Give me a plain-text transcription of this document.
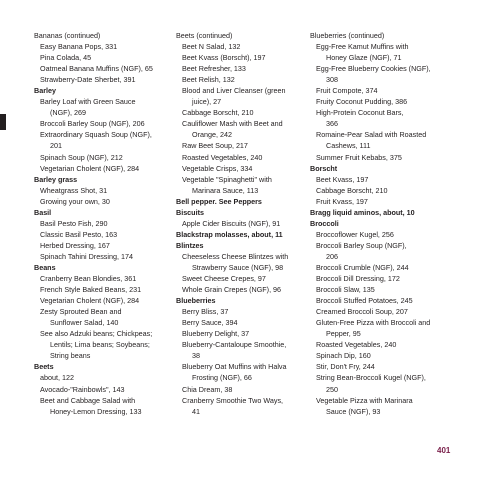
Bananas (continued)
Easy Banana Pops, 331
Pina Colada, 45
Oatmeal Banana Muffins (NGF), 65
Strawberry-Date Sherbet, 391
Barley
Barley Loaf with Green Sauce
(NGF), 269
Broccoli Barley Soup (NGF), 206
Extraordinary Squash Soup (NGF),
201
Spinach Soup (NGF), 212
Vegetarian Cholent (NGF), 284
Barley grass
Wheatgrass Shot, 31
Growing your own, 30
Basil
Basil Pesto Fish, 290
Classic Basil Pesto, 163
Herbed Dressing, 167
Spinach Tahini Dressing, 174
Beans
Cranberry Bean Blondies, 361
French Style Baked Beans, 231
Vegetarian Cholent (NGF), 284
Zesty Sprouted Bean and
Sunflower Salad, 140
See also Adzuki beans; Chickpeas;
Lentils; Lima beans; Soybeans;
String beans
Beets
about, 122
Avocado-"Rainbowls", 143
Beet and Cabbage Salad with
Honey-Lemon Dressing, 133
Beets (continued)
Beet N Salad, 132
Beet Kvass (Borscht), 197
Beet Refresher, 133
Beet Relish, 132
Blood and Liver Cleanser (green
juice), 27
Cabbage Borscht, 210
Cauliflower Mash with Beet and
Orange, 242
Raw Beet Soup, 217
Roasted Vegetables, 240
Vegetable Crisps, 334
Vegetable "Spinaghetti" with
Marinara Sauce, 113
Bell pepper. See Peppers
Biscuits
Apple Cider Biscuits (NGF), 91
Blackstrap molasses, about, 11
Blintzes
Cheeseless Cheese Blintzes with
Strawberry Sauce (NGF), 98
Sweet Cheese Crepes, 97
Whole Grain Crepes (NGF), 96
Blueberries
Berry Bliss, 37
Berry Sauce, 394
Blueberry Delight, 37
Blueberry-Cantaloupe Smoothie,
38
Blueberry Oat Muffins with Halva
Frosting (NGF), 66
Chia Dream, 38
Cranberry Smoothie Two Ways,
41
Blueberries (continued)
Egg-Free Kamut Muffins with
Honey Glaze (NGF), 71
Egg-Free Blueberry Cookies (NGF),
308
Fruit Compote, 374
Fruity Coconut Pudding, 386
High-Protein Coconut Bars,
366
Romaine-Pear Salad with Roasted
Cashews, 111
Summer Fruit Kebabs, 375
Borscht
Beet Kvass, 197
Cabbage Borscht, 210
Fruit Kvass, 197
Bragg liquid aminos, about, 10
Broccoli
Broccoflower Kugel, 256
Broccoli Barley Soup (NGF),
206
Broccoli Crumble (NGF), 244
Broccoli Dill Dressing, 172
Broccoli Slaw, 135
Broccoli Stuffed Potatoes, 245
Creamed Broccoli Soup, 207
Gluten-Free Pizza with Broccoli and
Pepper, 95
Roasted Vegetables, 240
Spinach Dip, 160
Stir, Don't Fry, 244
String Bean-Broccoli Kugel (NGF),
250
Vegetable Pizza with Marinara
Sauce (NGF), 93
401
